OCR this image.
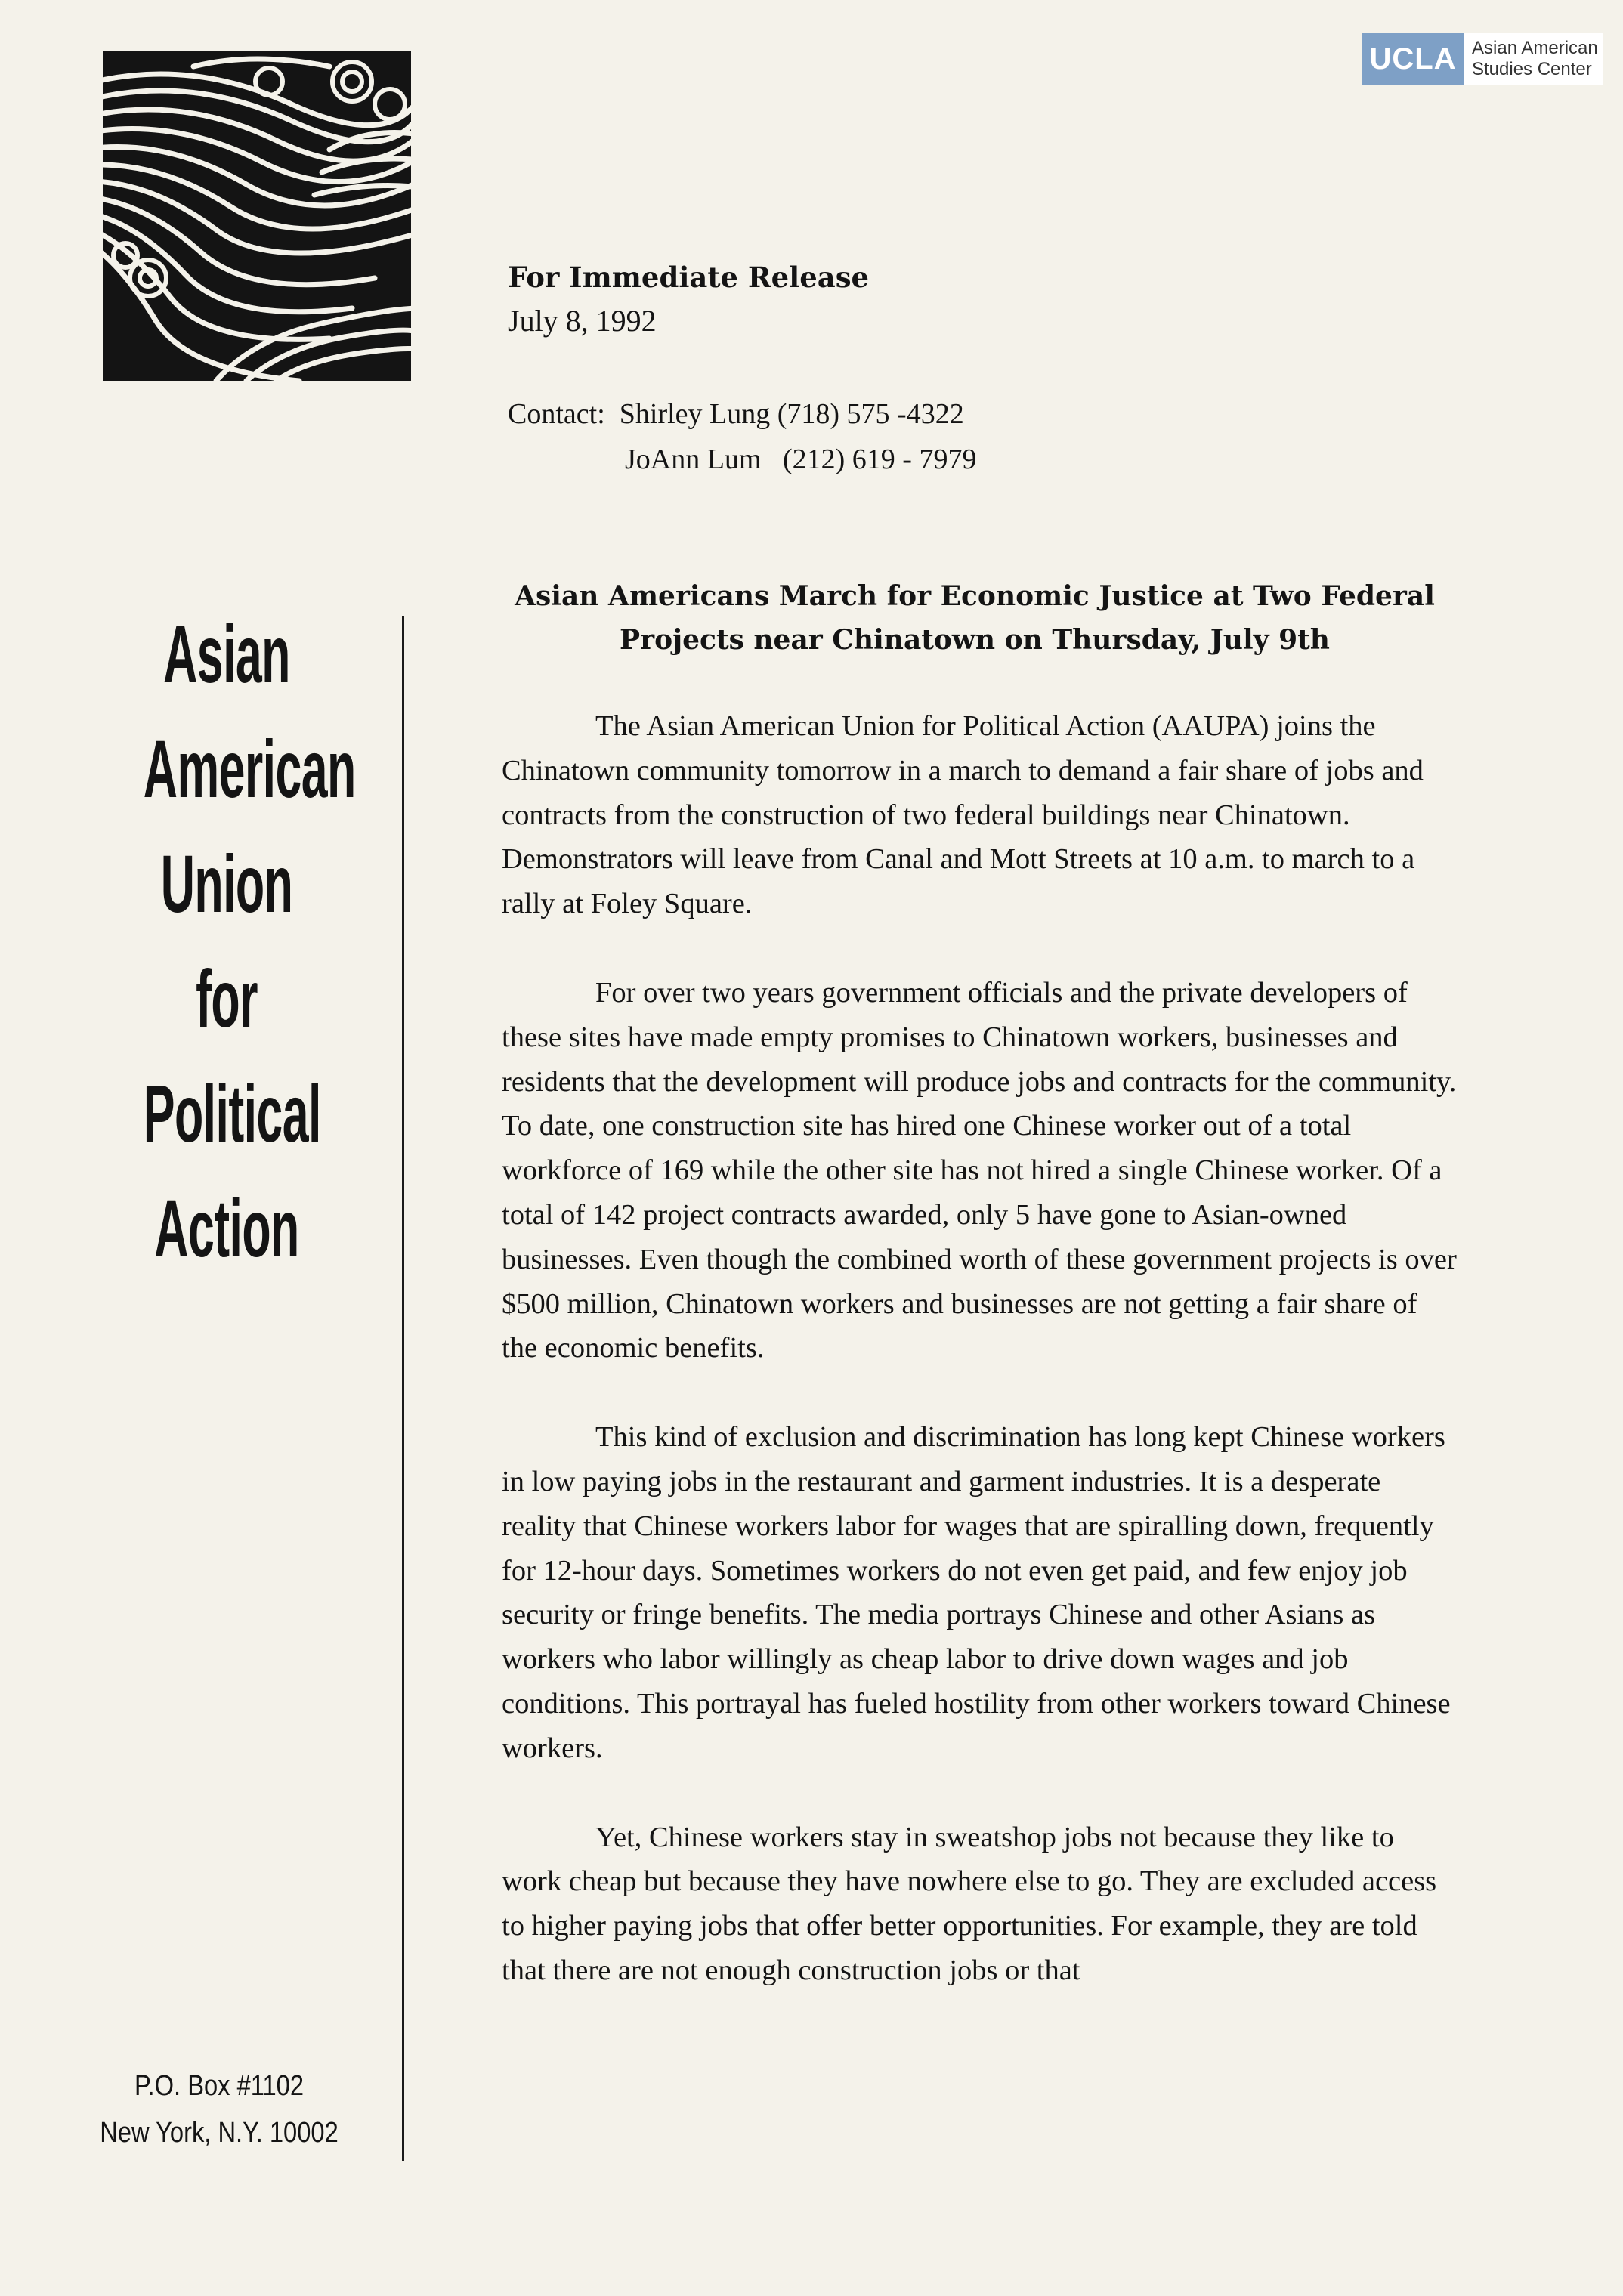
UCLA Asian American
Studies Center
For Immediate Release
July 8, 1992
Contact: Shirley Lung (718) 575 -4322
JoAnn Lum (212) 619 - 7979
Asian
American
Union
for
Political
Action
P.O. Box #1102
New York, N.Y. 10002
Asian Americans March for Economic Justice at Two Federal
Projects near Chinatown on Thursday, July 9th

The Asian American Union for Political Action (AAUPA) joins the Chinatown community tomorrow in a march to demand a fair share of jobs and contracts from the construction of two federal buildings near Chinatown. Demonstrators will leave from Canal and Mott Streets at 10 a.m. to march to a rally at Foley Square.

For over two years government officials and the private developers of these sites have made empty promises to Chinatown workers, businesses and residents that the development will produce jobs and contracts for the community. To date, one construction site has hired one Chinese worker out of a total workforce of 169 while the other site has not hired a single Chinese worker. Of a total of 142 project contracts awarded, only 5 have gone to Asian-owned businesses. Even though the combined worth of these government projects is over $500 million, Chinatown workers and businesses are not getting a fair share of the economic benefits.

This kind of exclusion and discrimination has long kept Chinese workers in low paying jobs in the restaurant and garment industries. It is a desperate reality that Chinese workers labor for wages that are spiralling down, frequently for 12-hour days. Sometimes workers do not even get paid, and few enjoy job security or fringe benefits. The media portrays Chinese and other Asians as workers who labor willingly as cheap labor to drive down wages and job conditions. This portrayal has fueled hostility from other workers toward Chinese workers.

Yet, Chinese workers stay in sweatshop jobs not because they like to work cheap but because they have nowhere else to go. They are excluded access to higher paying jobs that offer better opportunities. For example, they are told that there are not enough construction jobs or that
